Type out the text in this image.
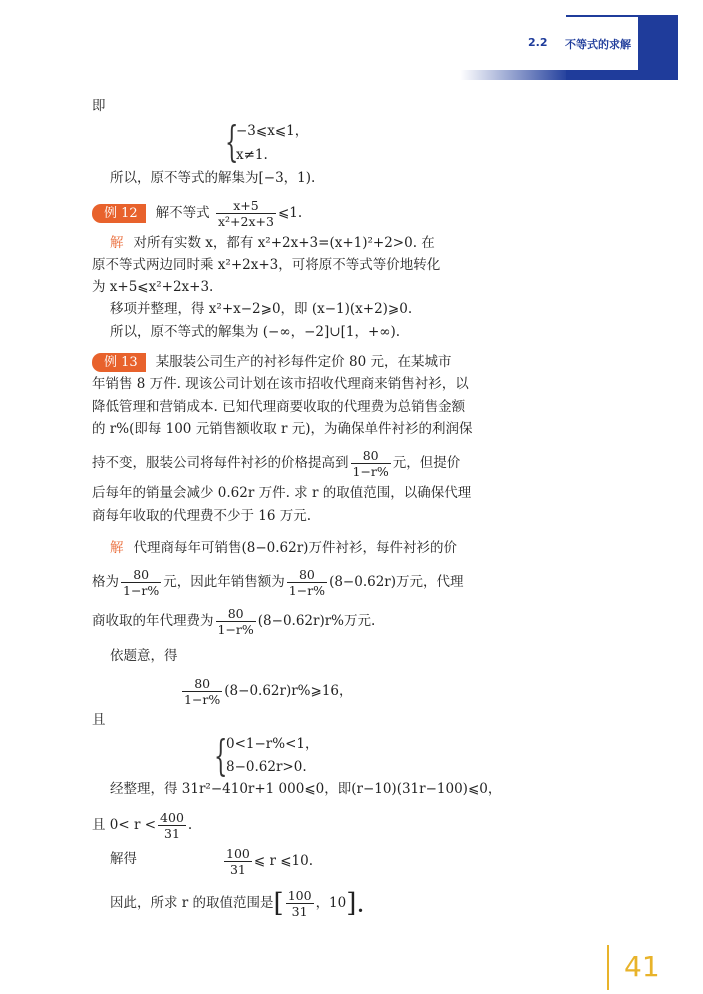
2.2 不等式的求解
即
{
−3⩽x⩽1，
x≠1.
所以，原不等式的解集为[−3，1).
例 12 解不等式 $\frac{x+5}{\text{x²+2x+3}}$ ⩽1.
解 对所有实数 x，都有 x²+2x+3=(x+1)²+2>0. 在
原不等式两边同时乘 x²+2x+3，可将原不等式等价地转化
为 x+5⩽x²+2x+3.
移项并整理，得 x²+x−2⩾0，即 (x−1)(x+2)⩾0.
所以，原不等式的解集为 (−∞，−2]∪[1，+∞).
例 13 某服装公司生产的衬衫每件定价 80 元，在某城市
年销售 8 万件. 现该公司计划在该市招收代理商来销售衬衫，以
降低管理和营销成本. 已知代理商要收取的代理费为总销售金额
的 r%(即每 100 元销售额收取 r 元)，为确保单件衬衫的利润保
持不变，服装公司将每件衬衫的价格提高到 $\frac{80}{1-r\%}$ 元，但提价
后每年的销量会减少 0.62r 万件. 求 r 的取值范围，以确保代理
商每年收取的代理费不少于 16 万元.
解 代理商每年可销售(8−0.62r)万件衬衫，每件衬衫的价
格为 $\frac{80}{1-r\%}$ 元，因此年销售额为 $\frac{80}{1-r\%} (8-0.62r)$万元，代理
商收取的年代理费为 $\frac{80}{1-r\%} (8-0.62r)r\%$万元.
依题意，得
$\frac{80}{1-r\%}$ (8−0.62r)r%⩾16，
且
{
0<1−r%<1，
8−0.62r>0.
经整理，得 31r²−410r+1 000⩽0，即(r−10)(31r−100)⩽0，
且 $0< r < \frac{400}{31}$ .
解得	$\frac{100}{31}$ ⩽ r ⩽10.
因此，所求 r 的取值范围是[ $\frac{100}{31}$ ，10].
41
